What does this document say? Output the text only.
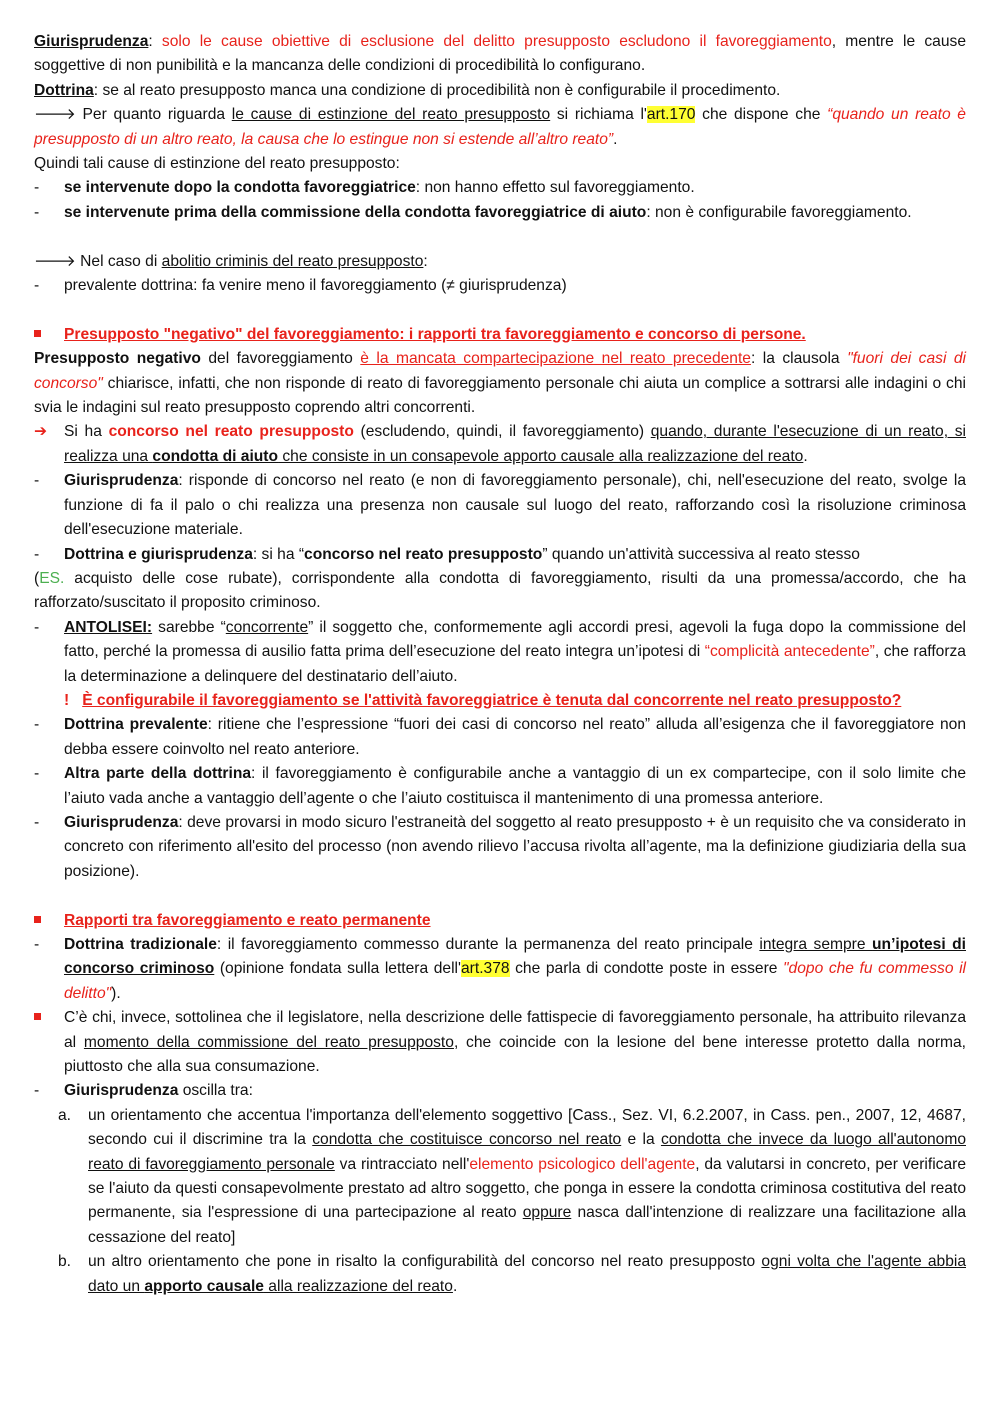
Giurisprudenza: solo le cause obiettive di esclusione del delitto presupposto escludono il favoreggiamento, mentre le cause soggettive di non punibilità e la mancanza delle condizioni di procedibilità lo configurano.

Dottrina: se al reato presupposto manca una condizione di procedibilità non è configurabile il procedimento.

🡒 Per quanto riguarda le cause di estinzione del reato presupposto si richiama l'art.170 che dispone che “quando un reato è presupposto di un altro reato, la causa che lo estingue non si estende all’altro reato”.

Quindi tali cause di estinzione del reato presupposto:

- se intervenute dopo la condotta favoreggiatrice: non hanno effetto sul favoreggiamento.
- se intervenute prima della commissione della condotta favoreggiatrice di aiuto: non è configurabile favoreggiamento.

🡒 Nel caso di abolitio criminis del reato presupposto:

- prevalente dottrina: fa venire meno il favoreggiamento (≠ giurisprudenza)
Presupposto "negativo" del favoreggiamento: i rapporti tra favoreggiamento e concorso di persone.

Presupposto negativo del favoreggiamento è la mancata compartecipazione nel reato precedente: la clausola "fuori dei casi di concorso" chiarisce, infatti, che non risponde di reato di favoreggiamento personale chi aiuta un complice a sottrarsi alle indagini o chi svia le indagini sul reato presupposto coprendo altri concorrenti.

➔ Si ha concorso nel reato presupposto (escludendo, quindi, il favoreggiamento) quando, durante l'esecuzione di un reato, si realizza una condotta di aiuto che consiste in un consapevole apporto causale alla realizzazione del reato.
- Giurisprudenza: risponde di concorso nel reato (e non di favoreggiamento personale), chi, nell'esecuzione del reato, svolge la funzione di fa il palo o chi realizza una presenza non causale sul luogo del reato, rafforzando così la risoluzione criminosa dell'esecuzione materiale.
- Dottrina e giurisprudenza: si ha “concorso nel reato presupposto” quando un'attività successiva al reato stesso

(ES. acquisto delle cose rubate), corrispondente alla condotta di favoreggiamento, risulti da una promessa/accordo, che ha rafforzato/suscitato il proposito criminoso.

- ANTOLISEI: sarebbe “concorrente” il soggetto che, conformemente agli accordi presi, agevoli la fuga dopo la commissione del fatto, perché la promessa di ausilio fatta prima dell’esecuzione del reato integra un’ipotesi di “complicità antecedente”, che rafforza la determinazione a delinquere del destinatario dell’aiuto.

! È configurabile il favoreggiamento se l'attività favoreggiatrice è tenuta dal concorrente nel reato presupposto?

- Dottrina prevalente: ritiene che l’espressione “fuori dei casi di concorso nel reato” alluda all’esigenza che il favoreggiatore non debba essere coinvolto nel reato anteriore.
- Altra parte della dottrina: il favoreggiamento è configurabile anche a vantaggio di un ex compartecipe, con il solo limite che l’aiuto vada anche a vantaggio dell’agente o che l’aiuto costituisca il mantenimento di una promessa anteriore.
- Giurisprudenza: deve provarsi in modo sicuro l'estraneità del soggetto al reato presupposto + è un requisito che va considerato in concreto con riferimento all'esito del processo (non avendo rilievo l’accusa rivolta all’agente, ma la definizione giudiziaria della sua posizione).
Rapporti tra favoreggiamento e reato permanente
- Dottrina tradizionale: il favoreggiamento commesso durante la permanenza del reato principale integra sempre un’ipotesi di concorso criminoso (opinione fondata sulla lettera dell'art.378 che parla di condotte poste in essere "dopo che fu commesso il delitto").
C’è chi, invece, sottolinea che il legislatore, nella descrizione delle fattispecie di favoreggiamento personale, ha attribuito rilevanza al momento della commissione del reato presupposto, che coincide con la lesione del bene interesse protetto dalla norma, piuttosto che alla sua consumazione.
- Giurisprudenza oscilla tra:
a. un orientamento che accentua l'importanza dell'elemento soggettivo [Cass., Sez. VI, 6.2.2007, in Cass. pen., 2007, 12, 4687, secondo cui il discrimine tra la condotta che costituisce concorso nel reato e la condotta che invece da luogo all'autonomo reato di favoreggiamento personale va rintracciato nell'elemento psicologico dell'agente, da valutarsi in concreto, per verificare se l'aiuto da questi consapevolmente prestato ad altro soggetto, che ponga in essere la condotta criminosa costitutiva del reato permanente, sia l'espressione di una partecipazione al reato oppure nasca dall'intenzione di realizzare una facilitazione alla cessazione del reato]
b. un altro orientamento che pone in risalto la configurabilità del concorso nel reato presupposto ogni volta che l'agente abbia dato un apporto causale alla realizzazione del reato.
